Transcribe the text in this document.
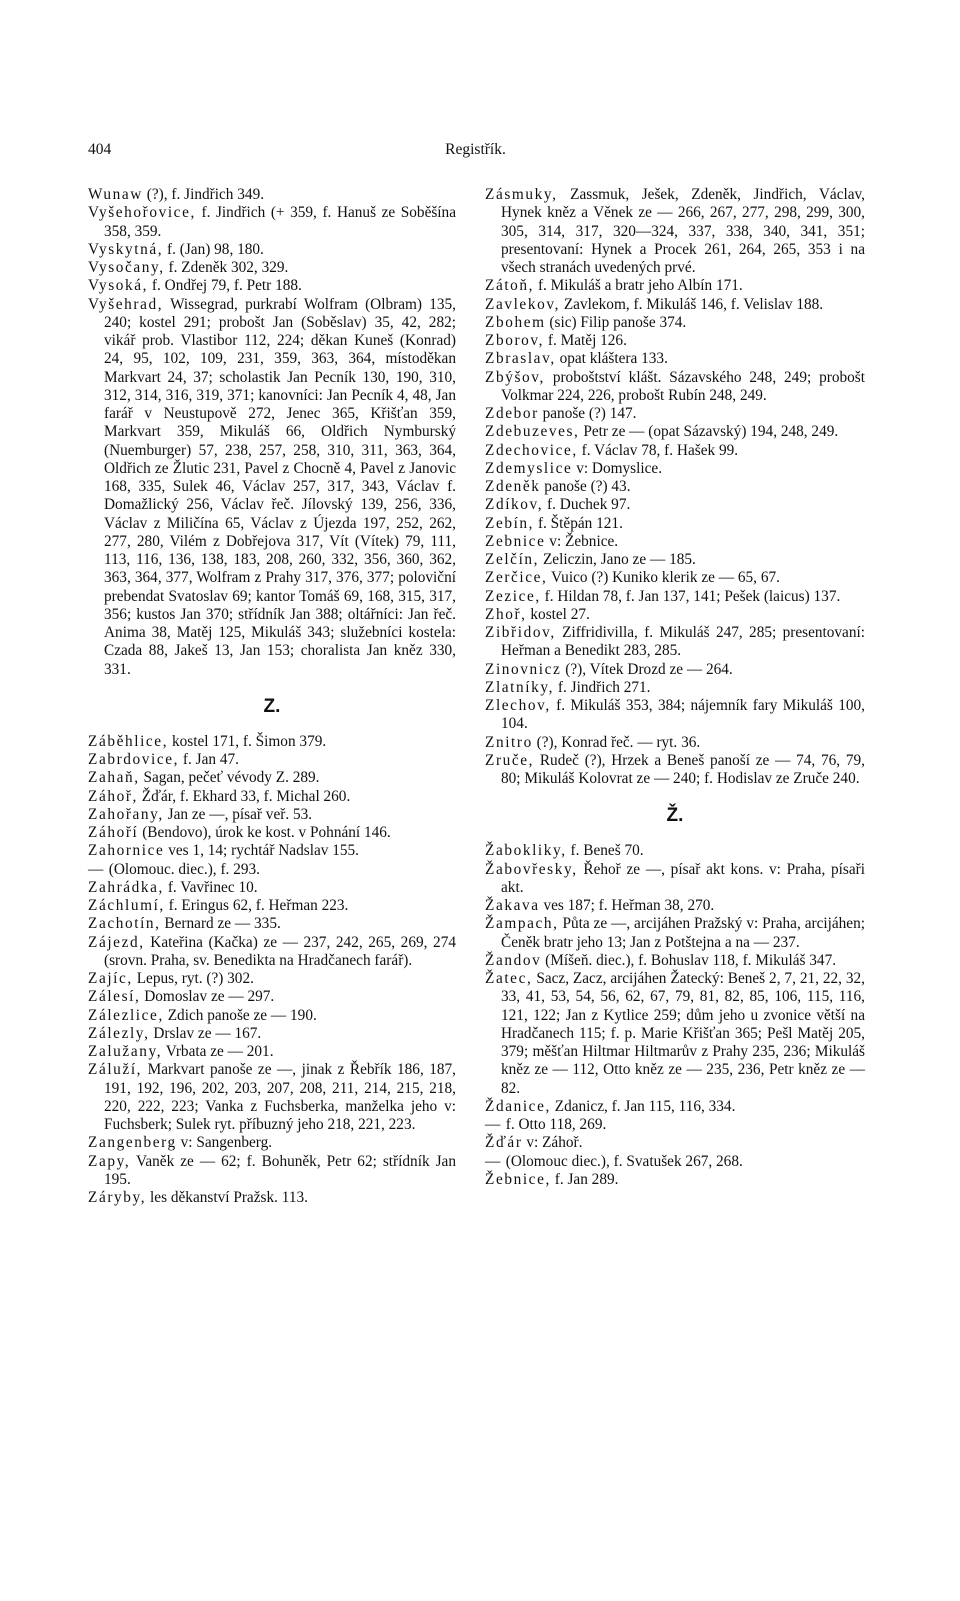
404	Registřík.

Wunaw (?), f. Jindřich 349.

Vyšehořovice, f. Jindřich (+ 359, f. Hanuš ze Soběšína 358, 359.

Vyskytná, f. (Jan) 98, 180.

Vysočany, f. Zdeněk 302, 329.

Vysoká, f. Ondřej 79, f. Petr 188.

Vyšehrad, Wissegrad, purkrabí Wolfram (Olbram) 135, 240; kostel 291; probošt Jan (Soběslav) 35, 42, 282; vikář prob. Vlastibor 112, 224; děkan Kuneš (Konrad) 24, 95, 102, 109, 231, 359, 363, 364, místoděkan Markvart 24, 37; scholastik Jan Pecník 130, 190, 310, 312, 314, 316, 319, 371; kanovníci: Jan Pecník 4, 48, Jan farář v Neustupově 272, Jenec 365, Křišťan 359, Markvart 359, Mikuláš 66, Oldřich Nymburský (Nuemburger) 57, 238, 257, 258, 310, 311, 363, 364, Oldřich ze Žlutic 231, Pavel z Chocně 4, Pavel z Janovic 168, 335, Sulek 46, Václav 257, 317, 343, Václav f. Domažlický 256, Václav řeč. Jílovský 139, 256, 336, Václav z Miličína 65, Václav z Újezda 197, 252, 262, 277, 280, Vilém z Dobřejova 317, Vít (Vítek) 79, 111, 113, 116, 136, 138, 183, 208, 260, 332, 356, 360, 362, 363, 364, 377, Wolfram z Prahy 317, 376, 377; poloviční prebendat Svatoslav 69; kantor Tomáš 69, 168, 315, 317, 356; kustos Jan 370; střídník Jan 388; oltářníci: Jan řeč. Anima 38, Matěj 125, Mikuláš 343; služebníci kostela: Czada 88, Jakeš 13, Jan 153; choralista Jan kněz 330, 331.

Z.

Záběhlice, kostel 171, f. Šimon 379.

Zabrdovice, f. Jan 47.

Zahaň, Sagan, pečeť vévody Z. 289.

Záhoř, Žďár, f. Ekhard 33, f. Michal 260.

Zahořany, Jan ze —, písař veř. 53.

Záhoří (Bendovo), úrok ke kost. v Pohnání 146.

Zahornice ves 1, 14; rychtář Nadslav 155.

— (Olomouc. diec.), f. 293.

Zahrádka, f. Vavřinec 10.

Záchlumí, f. Eringus 62, f. Heřman 223.

Zachotín, Bernard ze — 335.

Zájezd, Kateřina (Kačka) ze — 237, 242, 265, 269, 274 (srovn. Praha, sv. Benedikta na Hradčanech farář).

Zajíc, Lepus, ryt. (?) 302.

Zálesí, Domoslav ze — 297.

Zálezlice, Zdich panoše ze — 190.

Zálezly, Drslav ze — 167.

Zalužany, Vrbata ze — 201.

Záluží, Markvart panoše ze —, jinak z Řebřík 186, 187, 191, 192, 196, 202, 203, 207, 208, 211, 214, 215, 218, 220, 222, 223; Vanka z Fuchsberka, manželka jeho v: Fuchsberk; Sulek ryt. příbuzný jeho 218, 221, 223.

Zangenberg v: Sangenberg.

Zapy, Vaněk ze — 62; f. Bohuněk, Petr 62; střídník Jan 195.

Záryby, les děkanství Pražsk. 113.

Zásmuky, Zassmuk, Ješek, Zdeněk, Jindřich, Václav, Hynek kněz a Věnek ze — 266, 267, 277, 298, 299, 300, 305, 314, 317, 320—324, 337, 338, 340, 341, 351; presentovaní: Hynek a Procek 261, 264, 265, 353 i na všech stranách uvedených prvé.

Zátoň, f. Mikuláš a bratr jeho Albín 171.

Zavlekov, Zavlekom, f. Mikuláš 146, f. Velislav 188.

Zbohem (sic) Filip panoše 374.

Zborov, f. Matěj 126.

Zbraslav, opat kláštera 133.

Zbýšov, proboštství klášt. Sázavského 248, 249; probošt Volkmar 224, 226, probošt Rubín 248, 249.

Zdebor panoše (?) 147.

Zdebuzeves, Petr ze — (opat Sázavský) 194, 248, 249.

Zdechovice, f. Václav 78, f. Hašek 99.

Zdemyslice v: Domyslice.

Zdeněk panoše (?) 43.

Zdíkov, f. Duchek 97.

Zebín, f. Štěpán 121.

Zebnice v: Žebnice.

Zelčín, Zeliczin, Jano ze — 185.

Zerčice, Vuico (?) Kuniko klerik ze — 65, 67.

Zezice, f. Hildan 78, f. Jan 137, 141; Pešek (laicus) 137.

Zhoř, kostel 27.

Zibřidov, Ziffridivilla, f. Mikuláš 247, 285; presentovaní: Heřman a Benedikt 283, 285.

Zinovnicz (?), Vítek Drozd ze — 264.

Zlatníky, f. Jindřich 271.

Zlechov, f. Mikuláš 353, 384; nájemník fary Mikuláš 100, 104.

Znitro (?), Konrad řeč. — ryt. 36.

Zruče, Rudeč (?), Hrzek a Beneš panoší ze — 74, 76, 79, 80; Mikuláš Kolovrat ze — 240; f. Hodislav ze Zruče 240.

Ž.

Žabokliky, f. Beneš 70.

Žabovřesky, Řehoř ze —, písař akt kons. v: Praha, písaři akt.

Žakava ves 187; f. Heřman 38, 270.

Žampach, Půta ze —, arcijáhen Pražský v: Praha, arcijáhen; Čeněk bratr jeho 13; Jan z Potštejna a na — 237.

Žandov (Míšeň. diec.), f. Bohuslav 118, f. Mikuláš 347.

Žatec, Sacz, Zacz, arcijáhen Žatecký: Beneš 2, 7, 21, 22, 32, 33, 41, 53, 54, 56, 62, 67, 79, 81, 82, 85, 106, 115, 116, 121, 122; Jan z Kytlice 259; dům jeho u zvonice větší na Hradčanech 115; f. p. Marie Křišťan 365; Pešl Matěj 205, 379; měšťan Hiltmar Hiltmarův z Prahy 235, 236; Mikuláš kněz ze — 112, Otto kněz ze — 235, 236, Petr kněz ze — 82.

Ždanice, Zdanicz, f. Jan 115, 116, 334.

— f. Otto 118, 269.

Žďár v: Záhoř.

— (Olomouc diec.), f. Svatušek 267, 268.

Žebnice, f. Jan 289.
